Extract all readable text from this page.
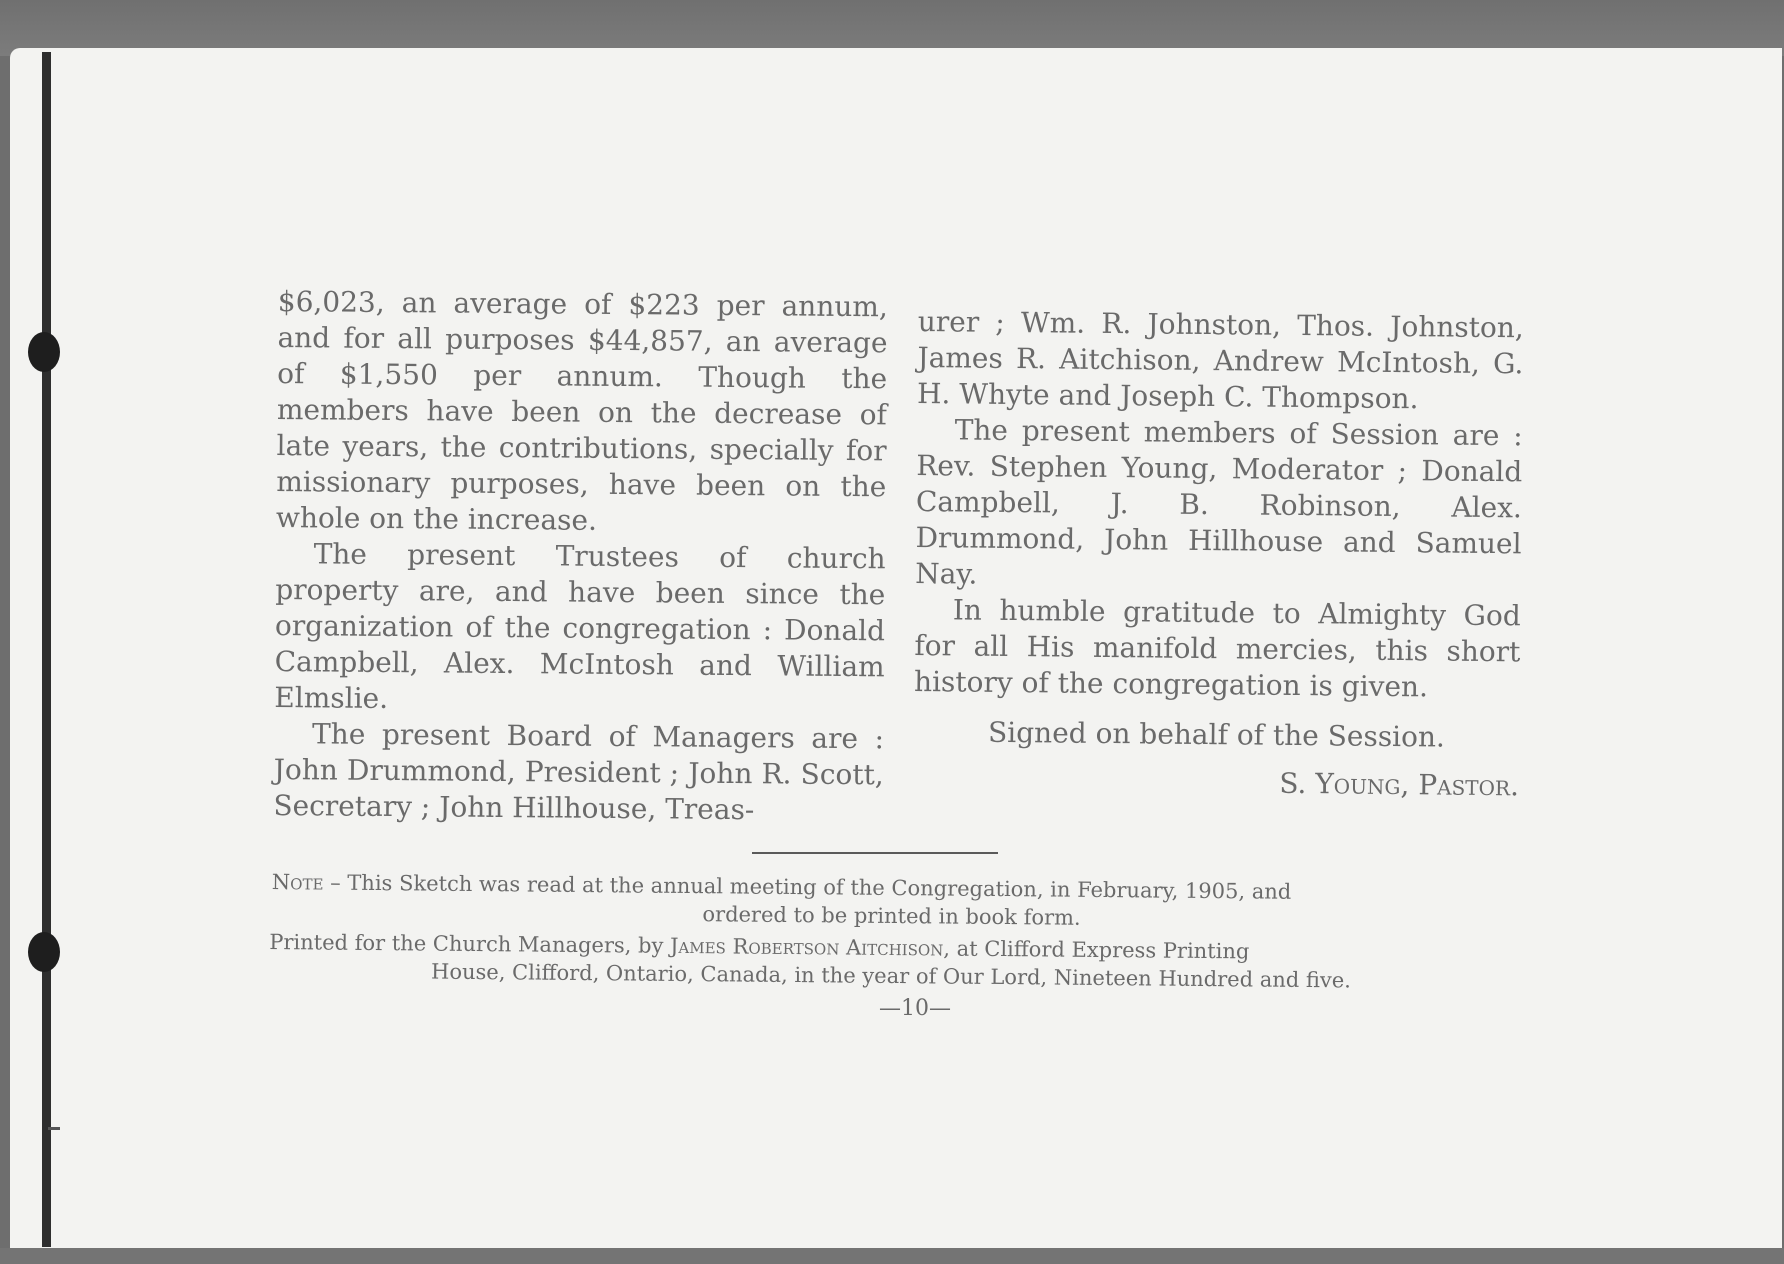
$6,023, an average of $223 per annum, and for all purposes $44,857, an average of $1,550 per annum. Though the members have been on the decrease of late years, the contributions, specially for missionary purposes, have been on the whole on the increase.

The present Trustees of church property are, and have been since the organization of the congregation : Donald Campbell, Alex. McIntosh and William Elmslie.

The present Board of Managers are : John Drummond, President ; John R. Scott, Secretary ; John Hillhouse, Treas-

urer ; Wm. R. Johnston, Thos. Johnston, James R. Aitchison, Andrew McIntosh, G. H. Whyte and Joseph C. Thompson.

The present members of Session are : Rev. Stephen Young, Moderator ; Donald Campbell, J. B. Robinson, Alex. Drummond, John Hillhouse and Samuel Nay.

In humble gratitude to Almighty God for all His manifold mercies, this short history of the congregation is given.

Signed on behalf of the Session.

S. Young, Pastor.

Note – This Sketch was read at the annual meeting of the Congregation, in February, 1905, and

ordered to be printed in book form.

Printed for the Church Managers, by James Robertson Aitchison, at Clifford Express Printing

House, Clifford, Ontario, Canada, in the year of Our Lord, Nineteen Hundred and five.

—10—
